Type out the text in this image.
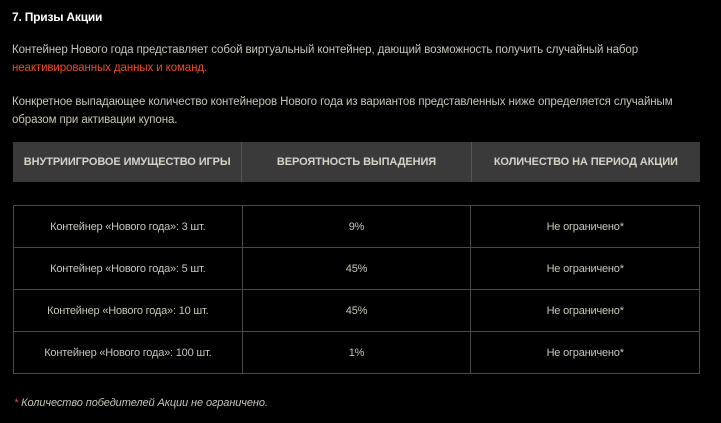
7. Призы Акции
Контейнер Нового года представляет собой виртуальный контейнер, дающий возможность получить случайный набор неактивированных данных и команд.
Конкретное выпадающее количество контейнеров Нового года из вариантов представленных ниже определяется случайным образом при активации купона.
ВНУТРИИГРОВОЕ ИМУЩЕСТВО ИГРЫ	ВЕРОЯТНОСТЬ ВЫПАДЕНИЯ	КОЛИЧЕСТВО НА ПЕРИОД АКЦИИ
Контейнер «Нового года»: 3 шт.	9%	Не ограничено*
Контейнер «Нового года»: 5 шт.	45%	Не ограничено*
Контейнер «Нового года»: 10 шт.	45%	Не ограничено*
Контейнер «Нового года»: 100 шт.	1%	Не ограничено*
* Количество победителей Акции не ограничено.
